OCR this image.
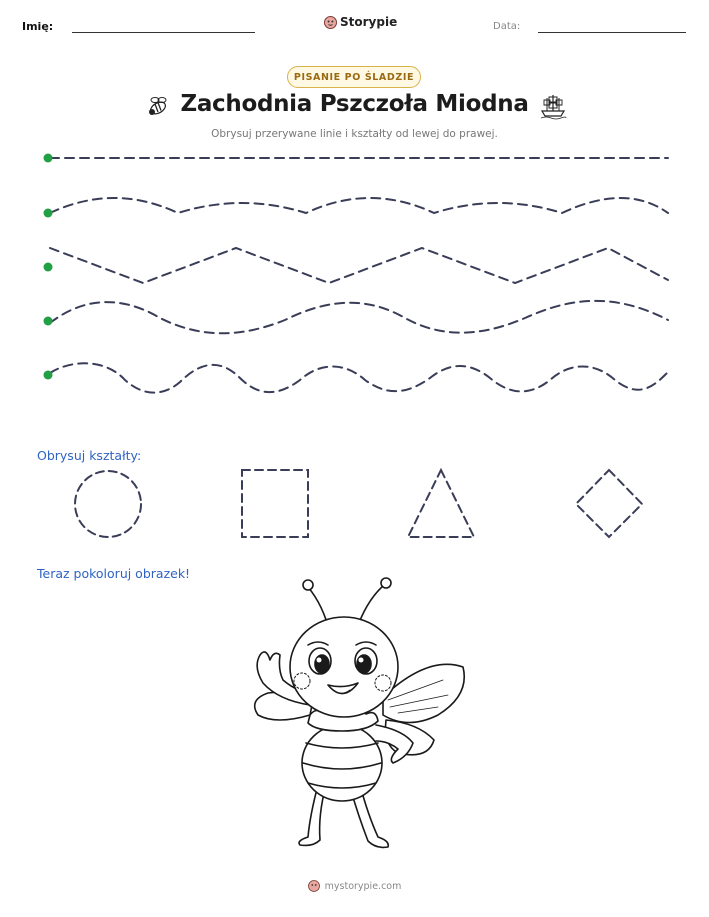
Imię:	Storypie	Data:
PISANIE PO ŚLADZIE
Zachodnia Pszczoła Miodna
Obrysuj przerywane linie i kształty od lewej do prawej.
Obrysuj kształty:
Teraz pokoloruj obrazek!
mystorypie.com
